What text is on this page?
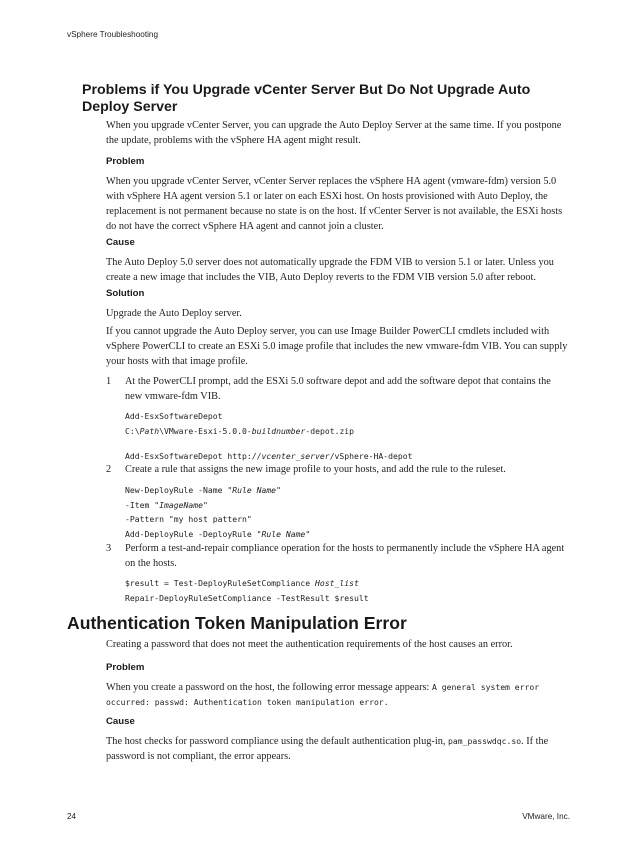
vSphere Troubleshooting
Problems if You Upgrade vCenter Server But Do Not Upgrade Auto Deploy Server

When you upgrade vCenter Server, you can upgrade the Auto Deploy Server at the same time. If you postpone the update, problems with the vSphere HA agent might result.

Problem

When you upgrade vCenter Server, vCenter Server replaces the vSphere HA agent (vmware-fdm) version 5.0 with vSphere HA agent version 5.1 or later on each ESXi host. On hosts provisioned with Auto Deploy, the replacement is not permanent because no state is on the host. If vCenter Server is not available, the ESXi hosts do not have the correct vSphere HA agent and cannot join a cluster.

Cause

The Auto Deploy 5.0 server does not automatically upgrade the FDM VIB to version 5.1 or later. Unless you create a new image that includes the VIB, Auto Deploy reverts to the FDM VIB version 5.0 after reboot.

Solution

Upgrade the Auto Deploy server.

If you cannot upgrade the Auto Deploy server, you can use Image Builder PowerCLI cmdlets included with vSphere PowerCLI to create an ESXi 5.0 image profile that includes the new vmware-fdm VIB. You can supply your hosts with that image profile.

1 At the PowerCLI prompt, add the ESXi 5.0 software depot and add the software depot that contains the new vmware-fdm VIB.

Add-EsxSoftwareDepot

C:\Path\VMware-Esxi-5.0.0-buildnumber-depot.zip

Add-EsxSoftwareDepot http://vcenter_server/vSphere-HA-depot

2 Create a rule that assigns the new image profile to your hosts, and add the rule to the ruleset.

New-DeployRule -Name "Rule Name"

-Item "ImageName"

-Pattern "my host pattern"

Add-DeployRule -DeployRule "Rule Name"

3 Perform a test-and-repair compliance operation for the hosts to permanently include the vSphere HA agent on the hosts.

$result = Test-DeployRuleSetCompliance Host_list

Repair-DeployRuleSetCompliance -TestResult $result

Authentication Token Manipulation Error

Creating a password that does not meet the authentication requirements of the host causes an error.

Problem

When you create a password on the host, the following error message appears: A general system error occurred: passwd: Authentication token manipulation error.

Cause

The host checks for password compliance using the default authentication plug-in, pam_passwdqc.so. If the password is not compliant, the error appears.

24	VMware, Inc.
